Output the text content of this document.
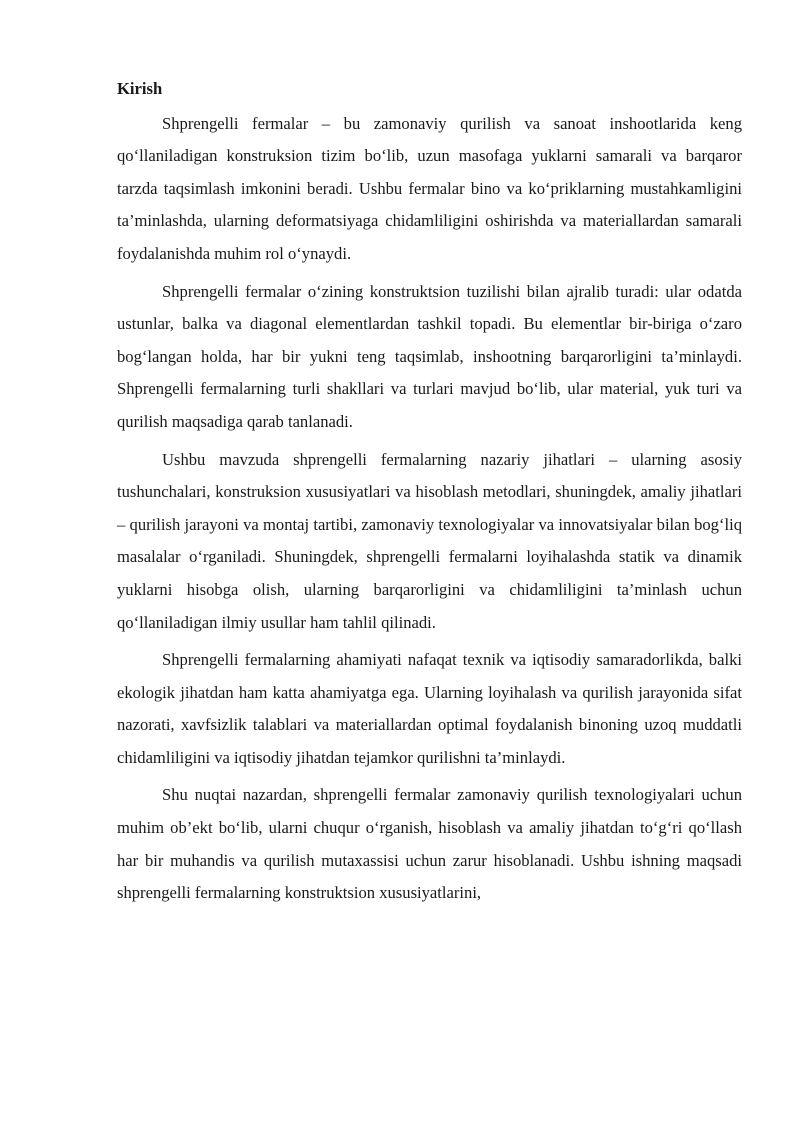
Kirish

Shprengelli fermalar – bu zamonaviy qurilish va sanoat inshootlarida keng qo‘llaniladigan konstruksion tizim bo‘lib, uzun masofaga yuklarni samarali va barqaror tarzda taqsimlash imkonini beradi. Ushbu fermalar bino va ko‘priklarning mustahkamligini ta’minlashda, ularning deformatsiyaga chidamliligini oshirishda va materiallardan samarali foydalanishda muhim rol o‘ynaydi.

Shprengelli fermalar o‘zining konstruktsion tuzilishi bilan ajralib turadi: ular odatda ustunlar, balka va diagonal elementlardan tashkil topadi. Bu elementlar bir-biriga o‘zaro bog‘langan holda, har bir yukni teng taqsimlab, inshootning barqarorligini ta’minlaydi. Shprengelli fermalarning turli shakllari va turlari mavjud bo‘lib, ular material, yuk turi va qurilish maqsadiga qarab tanlanadi.

Ushbu mavzuda shprengelli fermalarning nazariy jihatlari – ularning asosiy tushunchalari, konstruksion xususiyatlari va hisoblash metodlari, shuningdek, amaliy jihatlari – qurilish jarayoni va montaj tartibi, zamonaviy texnologiyalar va innovatsiyalar bilan bog‘liq masalalar o‘rganiladi. Shuningdek, shprengelli fermalarni loyihalashda statik va dinamik yuklarni hisobga olish, ularning barqarorligini va chidamliligini ta’minlash uchun qo‘llaniladigan ilmiy usullar ham tahlil qilinadi.

Shprengelli fermalarning ahamiyati nafaqat texnik va iqtisodiy samaradorlikda, balki ekologik jihatdan ham katta ahamiyatga ega. Ularning loyihalash va qurilish jarayonida sifat nazorati, xavfsizlik talablari va materiallardan optimal foydalanish binoning uzoq muddatli chidamliligini va iqtisodiy jihatdan tejamkor qurilishni ta’minlaydi.

Shu nuqtai nazardan, shprengelli fermalar zamonaviy qurilish texnologiyalari uchun muhim ob’ekt bo‘lib, ularni chuqur o‘rganish, hisoblash va amaliy jihatdan to‘g‘ri qo‘llash har bir muhandis va qurilish mutaxassisi uchun zarur hisoblanadi. Ushbu ishning maqsadi shprengelli fermalarning konstruktsion xususiyatlarini,
